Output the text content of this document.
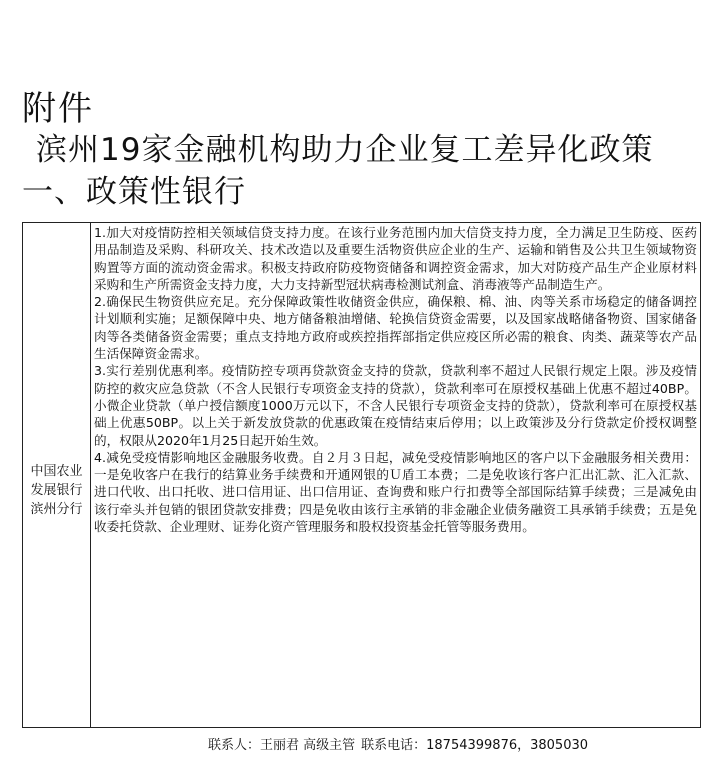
附件
滨州19家金融机构助力企业复工差异化政策
一、政策性银行
中国农业发展银行滨州分行

1.加大对疫情防控相关领域信贷支持力度。在该行业务范围内加大信贷支持力度，全力满足卫生防疫、医药用品制造及采购、科研攻关、技术改造以及重要生活物资供应企业的生产、运输和销售及公共卫生领域物资购置等方面的流动资金需求。积极支持政府防疫物资储备和调控资金需求，加大对防疫产品生产企业原材料采购和生产所需资金支持力度，大力支持新型冠状病毒检测试剂盒、消毒液等产品制造生产。

2.确保民生物资供应充足。充分保障政策性收储资金供应，确保粮、棉、油、肉等关系市场稳定的储备调控计划顺利实施；足额保障中央、地方储备粮油增储、轮换信贷资金需要，以及国家战略储备物资、国家储备肉等各类储备资金需要；重点支持地方政府或疾控指挥部指定供应疫区所必需的粮食、肉类、蔬菜等农产品生活保障资金需求。

3.实行差别优惠利率。疫情防控专项再贷款资金支持的贷款，贷款利率不超过人民银行规定上限。涉及疫情防控的救灾应急贷款（不含人民银行专项资金支持的贷款），贷款利率可在原授权基础上优惠不超过40BP。小微企业贷款（单户授信额度1000万元以下，不含人民银行专项资金支持的贷款），贷款利率可在原授权基础上优惠50BP。以上关于新发放贷款的优惠政策在疫情结束后停用；以上政策涉及分行贷款定价授权调整的，权限从2020年1月25日起开始生效。

4.减免受疫情影响地区金融服务收费。自２月３日起，减免受疫情影响地区的客户以下金融服务相关费用：一是免收客户在我行的结算业务手续费和开通网银的Ｕ盾工本费；二是免收该行客户汇出汇款、汇入汇款、进口代收、出口托收、进口信用证、出口信用证、查询费和账户行扣费等全部国际结算手续费；三是减免由该行牵头并包销的银团贷款安排费；四是免收由该行主承销的非金融企业债务融资工具承销手续费；五是免收委托贷款、企业理财、证券化资产管理服务和股权投资基金托管等服务费用。

联系人：王丽君 高级主管 联系电话：18754399876，3805030
